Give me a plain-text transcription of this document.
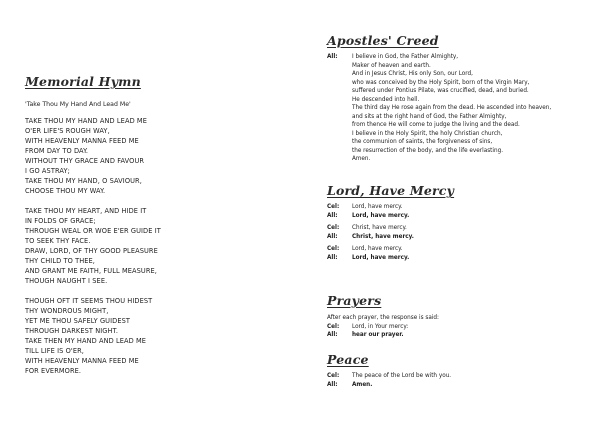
Memorial Hymn
'Take Thou My Hand And Lead Me'
TAKE THOU MY HAND AND LEAD ME
O'ER LIFE'S ROUGH WAY,
WITH HEAVENLY MANNA FEED ME
FROM DAY TO DAY.
WITHOUT THY GRACE AND FAVOUR
I GO ASTRAY;
TAKE THOU MY HAND, O SAVIOUR,
CHOOSE THOU MY WAY.
TAKE THOU MY HEART, AND HIDE IT
IN FOLDS OF GRACE;
THROUGH WEAL OR WOE E'ER GUIDE IT
TO SEEK THY FACE.
DRAW, LORD, OF THY GOOD PLEASURE
THY CHILD TO THEE,
AND GRANT ME FAITH, FULL MEASURE,
THOUGH NAUGHT I SEE.
THOUGH OFT IT SEEMS THOU HIDEST
THY WONDROUS MIGHT,
YET ME THOU SAFELY GUIDEST
THROUGH DARKEST NIGHT.
TAKE THEN MY HAND AND LEAD ME
TILL LIFE IS O'ER,
WITH HEAVENLY MANNA FEED ME
FOR EVERMORE.
Apostles' Creed
All:	I believe in God, the Father Almighty,
Maker of heaven and earth.
And in Jesus Christ, His only Son, our Lord,
who was conceived by the Holy Spirit, born of the Virgin Mary,
suffered under Pontius Pilate, was crucified, dead, and buried.
He descended into hell.
The third day He rose again from the dead. He ascended into heaven,
and sits at the right hand of God, the Father Almighty,
from thence He will come to judge the living and the dead.
I believe in the Holy Spirit, the holy Christian church,
the communion of saints, the forgiveness of sins,
the resurrection of the body, and the life everlasting.
Amen.
Lord, Have Mercy
Cel:	Lord, have mercy.
All:	Lord, have mercy.
Cel:	Christ, have mercy.
All:	Christ, have mercy.
Cel:	Lord, have mercy.
All:	Lord, have mercy.
Prayers
After each prayer, the response is said:
Cel:	Lord, in Your mercy:
All:	hear our prayer.
Peace
Cel:	The peace of the Lord be with you.
All:	Amen.
